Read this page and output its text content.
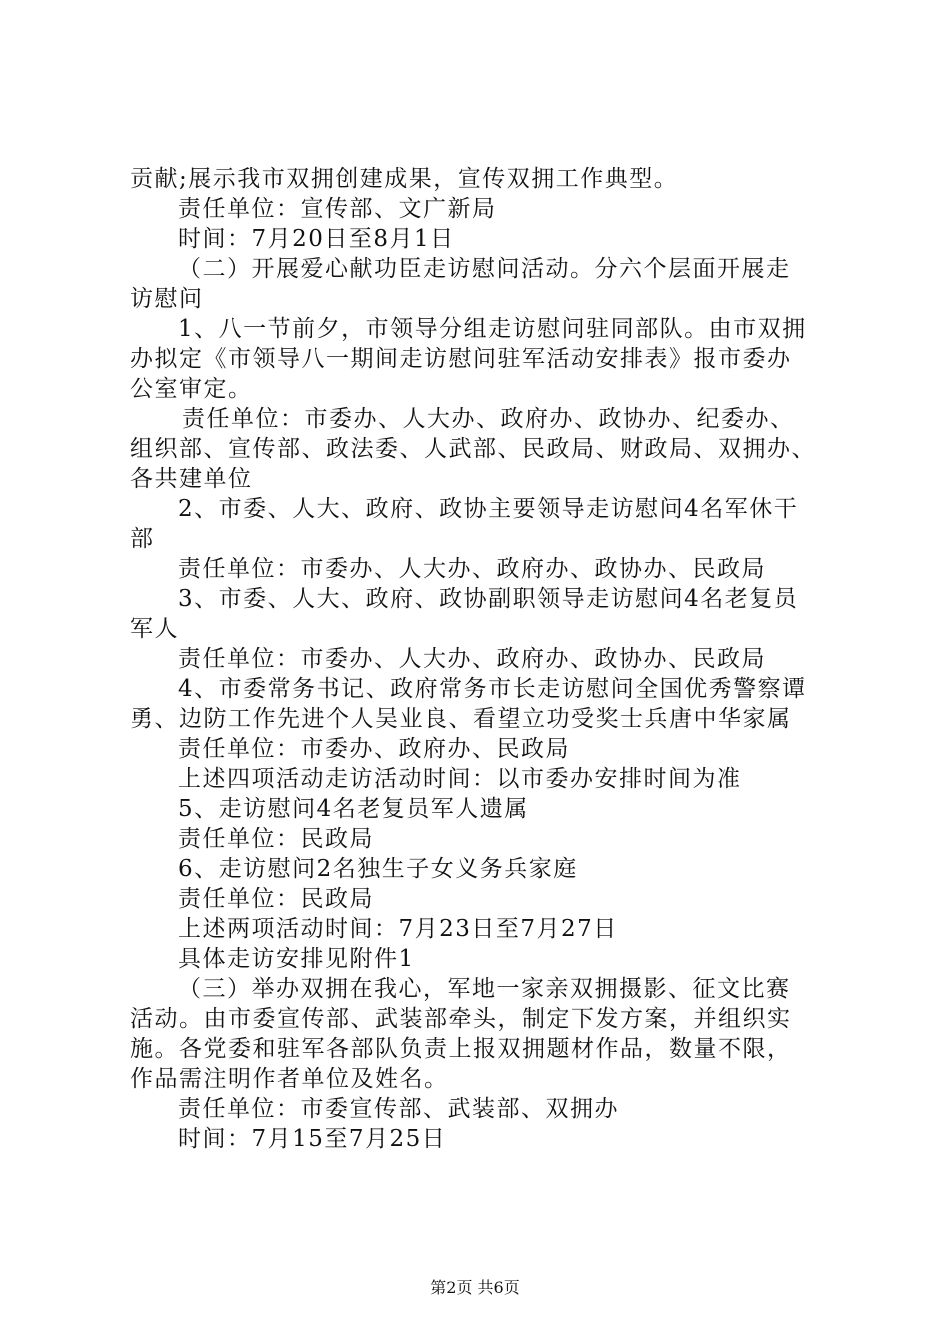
贡献;展示我市双拥创建成果，宣传双拥工作典型。
责任单位：宣传部、文广新局
时间：7月20日至8月1日
（二）开展爱心献功臣走访慰问活动。分六个层面开展走
访慰问
1、八一节前夕，市领导分组走访慰问驻同部队。由市双拥
办拟定《市领导八一期间走访慰问驻军活动安排表》报市委办
公室审定。
责任单位：市委办、人大办、政府办、政协办、纪委办、
组织部、宣传部、政法委、人武部、民政局、财政局、双拥办、
各共建单位
2、市委、人大、政府、政协主要领导走访慰问4名军休干
部
责任单位：市委办、人大办、政府办、政协办、民政局
3、市委、人大、政府、政协副职领导走访慰问4名老复员
军人
责任单位：市委办、人大办、政府办、政协办、民政局
4、市委常务书记、政府常务市长走访慰问全国优秀警察谭
勇、边防工作先进个人吴业良、看望立功受奖士兵唐中华家属
责任单位：市委办、政府办、民政局
上述四项活动走访活动时间：以市委办安排时间为准
5、走访慰问4名老复员军人遗属
责任单位：民政局
6、走访慰问2名独生子女义务兵家庭
责任单位：民政局
上述两项活动时间：7月23日至7月27日
具体走访安排见附件1
（三）举办双拥在我心，军地一家亲双拥摄影、征文比赛
活动。由市委宣传部、武装部牵头，制定下发方案，并组织实
施。各党委和驻军各部队负责上报双拥题材作品，数量不限，
作品需注明作者单位及姓名。
责任单位：市委宣传部、武装部、双拥办
时间：7月15至7月25日
第2页 共6页
